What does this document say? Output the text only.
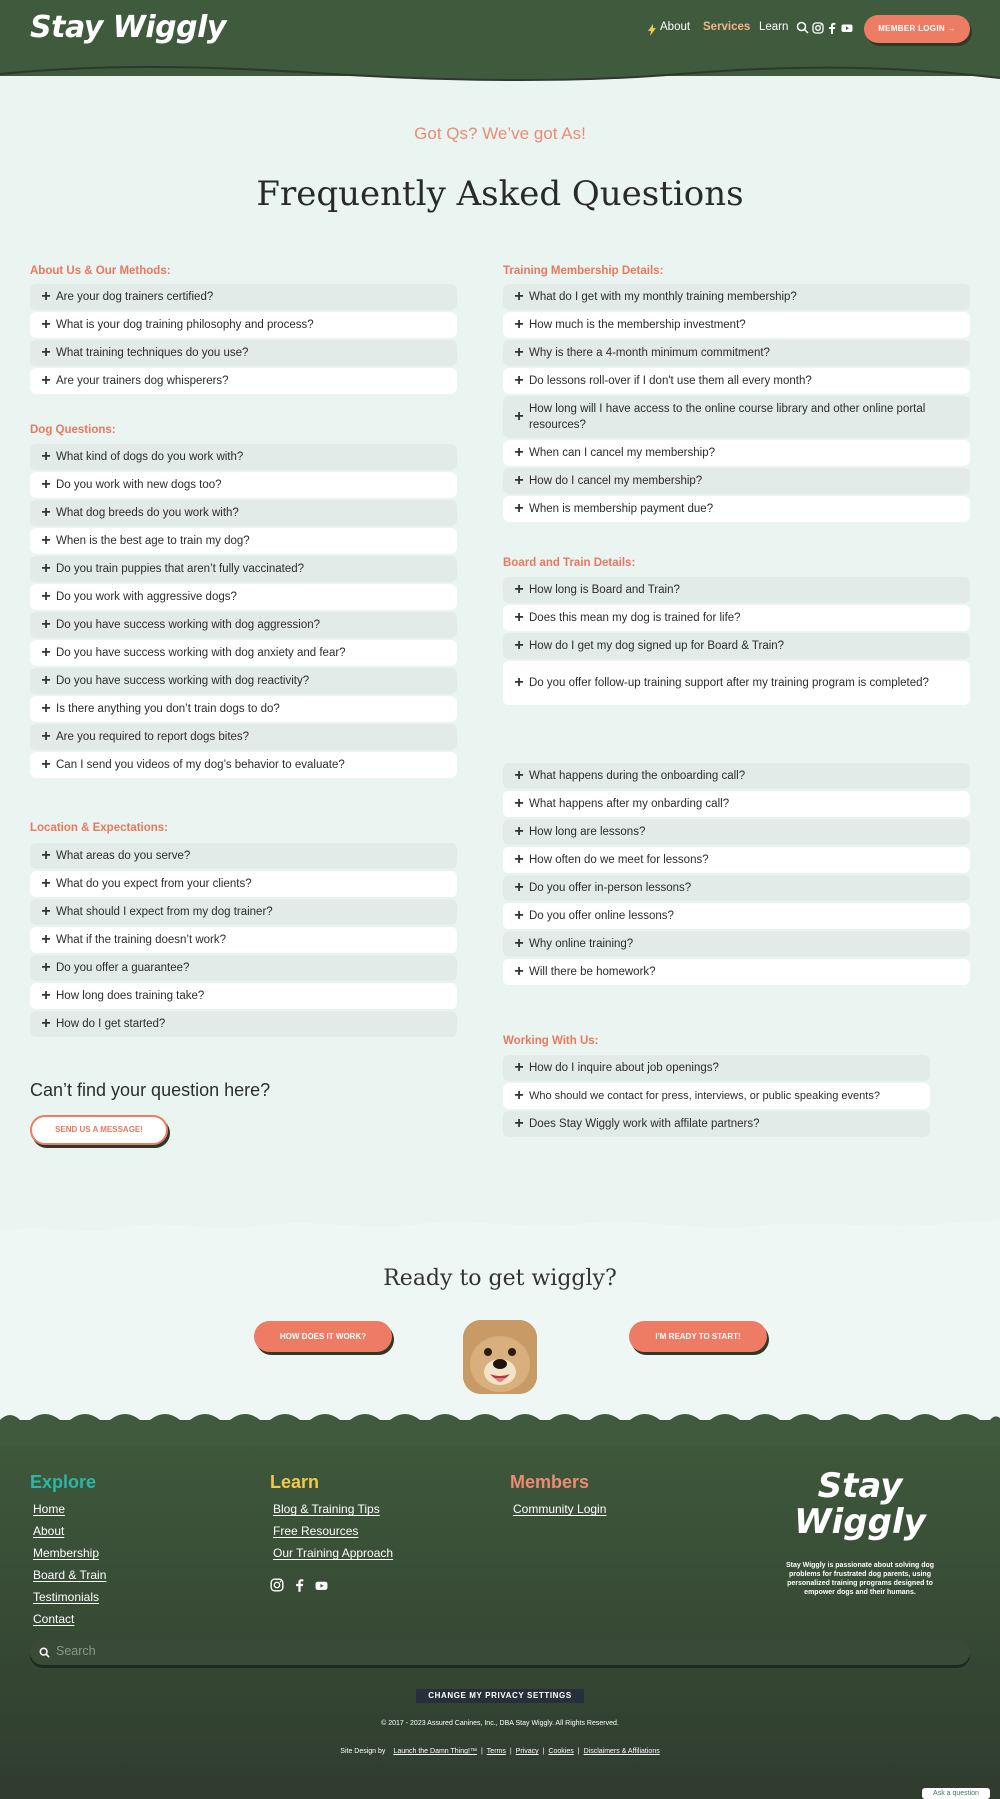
Stay Wiggly	About Services Learn	MEMBER LOGIN →
Got Qs? We’ve got As!
Frequently Asked Questions
About Us & Our Methods:
+ Are your dog trainers certified?
+ What is your dog training philosophy and process?
+ What training techniques do you use?
+ Are your trainers dog whisperers?
Dog Questions:
+ What kind of dogs do you work with?
+ Do you work with new dogs too?
+ What dog breeds do you work with?
+ When is the best age to train my dog?
+ Do you train puppies that aren’t fully vaccinated?
+ Do you work with aggressive dogs?
+ Do you have success working with dog aggression?
+ Do you have success working with dog anxiety and fear?
+ Do you have success working with dog reactivity?
+ Is there anything you don’t train dogs to do?
+ Are you required to report dogs bites?
+ Can I send you videos of my dog’s behavior to evaluate?
Location & Expectations:
+ What areas do you serve?
+ What do you expect from your clients?
+ What should I expect from my dog trainer?
+ What if the training doesn’t work?
+ Do you offer a guarantee?
+ How long does training take?
+ How do I get started?
Can’t find your question here?
SEND US A MESSAGE!
Training Membership Details:
+ What do I get with my monthly training membership?
+ How much is the membership investment?
+ Why is there a 4-month minimum commitment?
+ Do lessons roll-over if I don't use them all every month?
+ How long will I have access to the online course library and other online portal resources?
+ When can I cancel my membership?
+ How do I cancel my membership?
+ When is membership payment due?
Board and Train Details:
+ How long is Board and Train?
+ Does this mean my dog is trained for life?
+ How do I get my dog signed up for Board & Train?
+ Do you offer follow-up training support after my training program is completed?
+ What happens during the onboarding call?
+ What happens after my onbarding call?
+ How long are lessons?
+ How often do we meet for lessons?
+ Do you offer in-person lessons?
+ Do you offer online lessons?
+ Why online training?
+ Will there be homework?
Working With Us:
+ How do I inquire about job openings?
+ Who should we contact for press, interviews, or public speaking events?
+ Does Stay Wiggly work with affilate partners?
Ready to get wiggly?
HOW DOES IT WORK?	I’M READY TO START!
Explore
Home
About
Membership
Board & Train
Testimonials
Contact
Learn
Blog & Training Tips
Free Resources
Our Training Approach
Members
Community Login
Stay
Wiggly
Stay Wiggly is passionate about solving dog problems for frustrated dog parents, using personalized training programs designed to empower dogs and their humans.
Search
CHANGE MY PRIVACY SETTINGS
© 2017 - 2023 Assured Canines, Inc., DBA Stay Wiggly. All Rights Reserved.
Site Design by Launch the Damn Thing!™ | Terms | Privacy | Cookies | Disclaimers & Affiliations
Ask a question
